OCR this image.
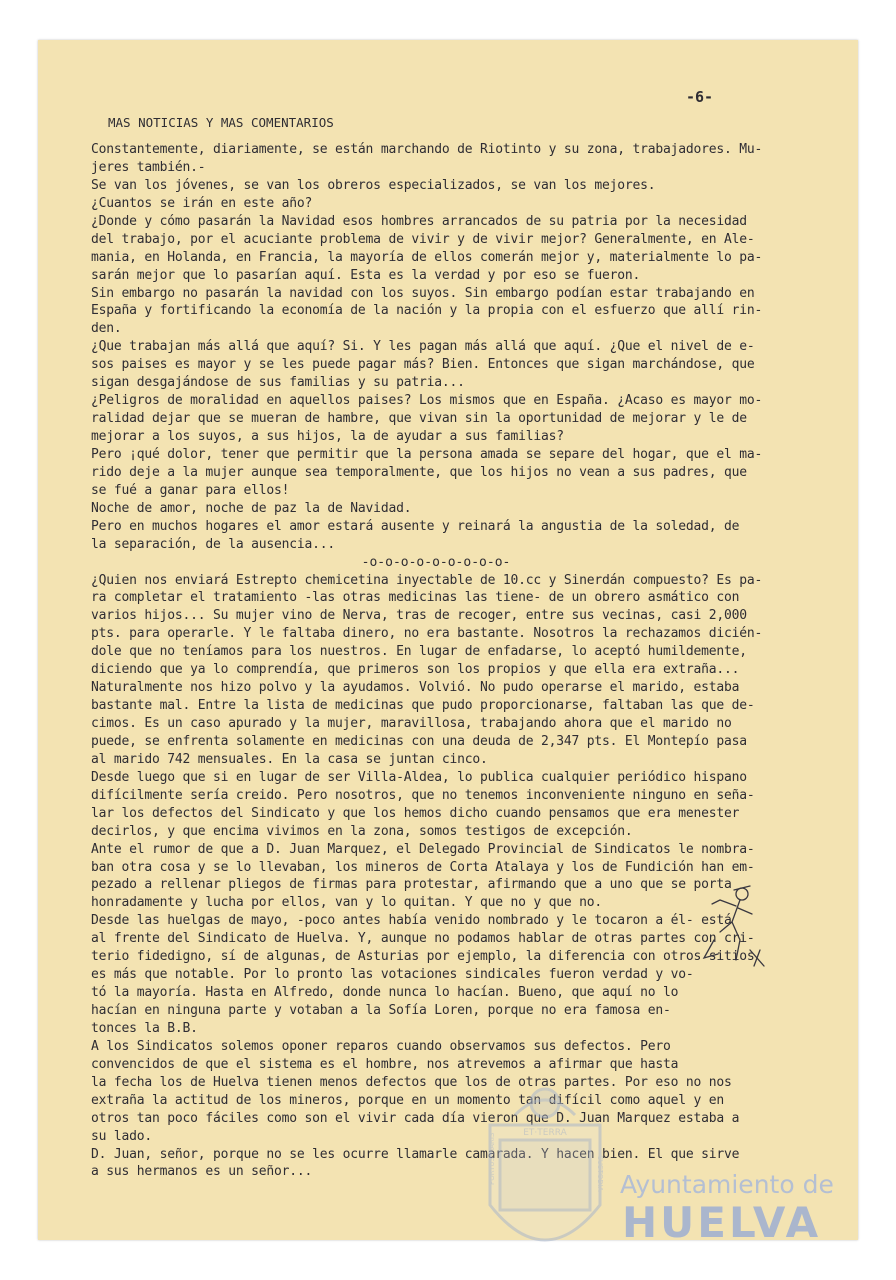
-6-
MAS NOTICIAS Y MAS COMENTARIOS
Constantemente, diariamente, se están marchando de Riotinto y su zona, trabajadores. Mu-
jeres también.-
Se van los jóvenes, se van los obreros especializados, se van los mejores.
¿Cuantos se irán en este año?
¿Donde y cómo pasarán la Navidad esos hombres arrancados de su patria por la necesidad
del trabajo, por el acuciante problema de vivir y de vivir mejor? Generalmente, en Ale-
mania, en Holanda, en Francia, la mayoría de ellos comerán mejor y, materialmente lo pa-
sarán mejor que lo pasarían aquí. Esta es la verdad y por eso se fueron.
Sin embargo no pasarán la navidad con los suyos. Sin embargo podían estar trabajando en
España y fortificando la economía de la nación y la propia con el esfuerzo que allí rin-
den.
¿Que trabajan más allá que aquí? Si. Y les pagan más allá que aquí. ¿Que el nivel de e-
sos paises es mayor y se les puede pagar más? Bien. Entonces que sigan marchándose, que
sigan desgajándose de sus familias y su patria...
¿Peligros de moralidad en aquellos paises? Los mismos que en España. ¿Acaso es mayor mo-
ralidad dejar que se mueran de hambre, que vivan sin la oportunidad de mejorar y le de
mejorar a los suyos, a sus hijos, la de ayudar a sus familias?
Pero ¡qué dolor, tener que permitir que la persona amada se separe del hogar, que el ma-
rido deje a la mujer aunque sea temporalmente, que los hijos no vean a sus padres, que
se fué a ganar para ellos!
Noche de amor, noche de paz la de Navidad.
Pero en muchos hogares el amor estará ausente y reinará la angustia de la soledad, de
la separación, de la ausencia...
-o-o-o-o-o-o-o-o-o-
¿Quien nos enviará Estrepto chemicetina inyectable de 10.cc y Sinerdán compuesto? Es pa-
ra completar el tratamiento -las otras medicinas las tiene- de un obrero asmático con
varios hijos... Su mujer vino de Nerva, tras de recoger, entre sus vecinas, casi 2,000
pts. para operarle. Y le faltaba dinero, no era bastante. Nosotros la rechazamos dicién-
dole que no teníamos para los nuestros. En lugar de enfadarse, lo aceptó humildemente,
diciendo que ya lo comprendía, que primeros son los propios y que ella era extraña...
Naturalmente nos hizo polvo y la ayudamos. Volvió. No pudo operarse el marido, estaba
bastante mal. Entre la lista de medicinas que pudo proporcionarse, faltaban las que de-
cimos. Es un caso apurado y la mujer, maravillosa, trabajando ahora que el marido no
puede, se enfrenta solamente en medicinas con una deuda de 2,347 pts. El Montepío pasa
al marido 742 mensuales. En la casa se juntan cinco.
Desde luego que si en lugar de ser Villa-Aldea, lo publica cualquier periódico hispano
difícilmente sería creido. Pero nosotros, que no tenemos inconveniente ninguno en seña-
lar los defectos del Sindicato y que los hemos dicho cuando pensamos que era menester
decirlos, y que encima vivimos en la zona, somos testigos de excepción.
Ante el rumor de que a D. Juan Marquez, el Delegado Provincial de Sindicatos le nombra-
ban otra cosa y se lo llevaban, los mineros de Corta Atalaya y los de Fundición han em-
pezado a rellenar pliegos de firmas para protestar, afirmando que a uno que se porta
honradamente y lucha por ellos, van y lo quitan. Y que no y que no.
Desde las huelgas de mayo, -poco antes había venido nombrado y le tocaron a él- está
al frente del Sindicato de Huelva. Y, aunque no podamos hablar de otras partes con cri-
terio fidedigno, sí de algunas, de Asturias por ejemplo, la diferencia con otros sitios
es más que notable. Por lo pronto las votaciones sindicales fueron verdad y vo-
tó la mayoría. Hasta en Alfredo, donde nunca lo hacían. Bueno, que aquí no lo
hacían en ninguna parte y votaban a la Sofía Loren, porque no era famosa en-
tonces la B.B.
A los Sindicatos solemos oponer reparos cuando observamos sus defectos. Pero
convencidos de que el sistema es el hombre, nos atrevemos a afirmar que hasta
la fecha los de Huelva tienen menos defectos que los de otras partes. Por eso no nos
extraña la actitud de los mineros, porque en un momento tan difícil como aquel y en
otros tan poco fáciles como son el vivir cada día vieron que D. Juan Marquez estaba a
su lado.
D. Juan, señor, porque no se les ocurre llamarle camarada. Y hacen bien. El que sirve
a sus hermanos es un señor...
ET·TERRA
PORTUS MARIS	CUSTODIA Ayuntamiento de
HUELVA
